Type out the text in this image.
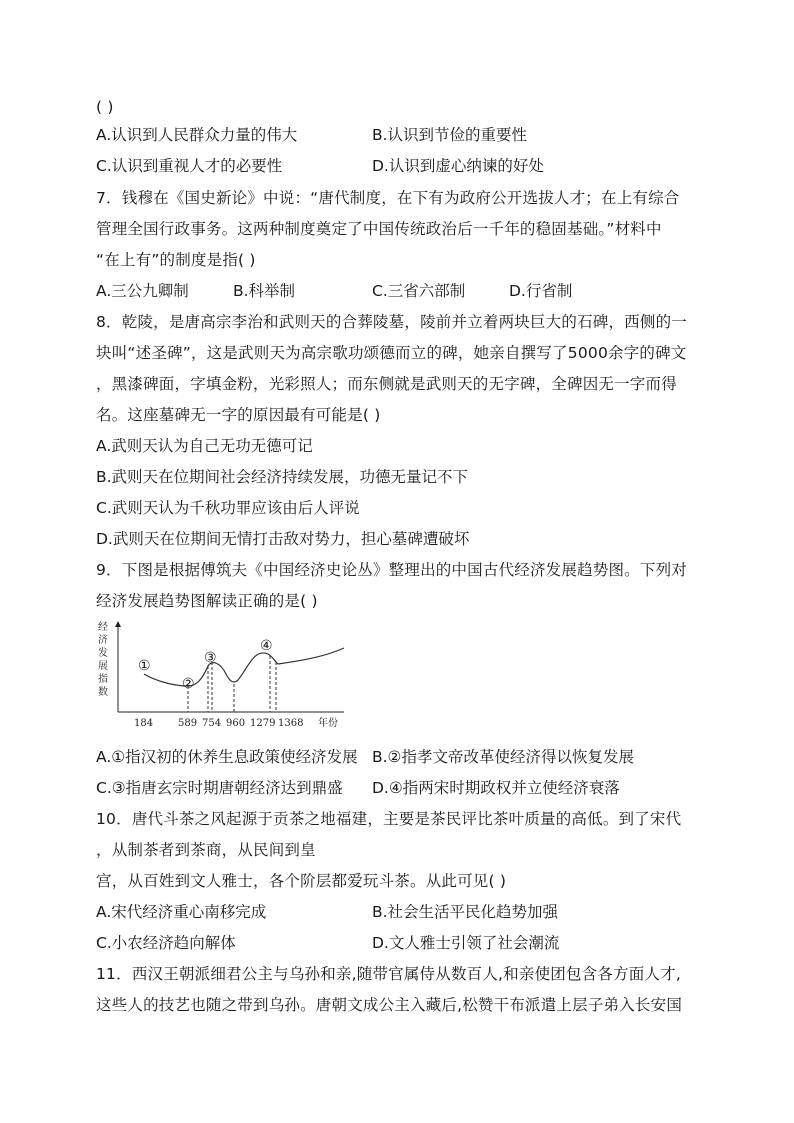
( )
A.认识到人民群众力量的伟大	B.认识到节俭的重要性
C.认识到重视人才的必要性	D.认识到虚心纳谏的好处
7．钱穆在《国史新论》中说：“唐代制度，在下有为政府公开选拔人才；在上有综合
管理全国行政事务。这两种制度奠定了中国传统政治后一千年的稳固基础。”材料中
“在上有”的制度是指( )
A.三公九卿制	B.科举制	C.三省六部制	D.行省制
8．乾陵，是唐高宗李治和武则天的合葬陵墓，陵前并立着两块巨大的石碑，西侧的一
块叫“述圣碑”，这是武则天为高宗歌功颂德而立的碑，她亲自撰写了5000余字的碑文
，黑漆碑面，字填金粉，光彩照人；而东侧就是武则天的无字碑，全碑因无一字而得
名。这座墓碑无一字的原因最有可能是( )
A.武则天认为自己无功无德可记
B.武则天在位期间社会经济持续发展，功德无量记不下
C.武则天认为千秋功罪应该由后人评说
D.武则天在位期间无情打击敌对势力，担心墓碑遭破坏
9．下图是根据傅筑夫《中国经济史论丛》整理出的中国古代经济发展趋势图。下列对
经济发展趋势图解读正确的是( )
经济发展指数
①
②
③
④
184 589 754 960 1279 1368 年份
A.①指汉初的休养生息政策使经济发展 B.②指孝文帝改革使经济得以恢复发展
C.③指唐玄宗时期唐朝经济达到鼎盛 D.④指两宋时期政权并立使经济衰落
10．唐代斗茶之风起源于贡茶之地福建，主要是茶民评比茶叶质量的高低。到了宋代
，从制茶者到茶商，从民间到皇
宫，从百姓到文人雅士，各个阶层都爱玩斗茶。从此可见( )
A.宋代经济重心南移完成	B.社会生活平民化趋势加强
C.小农经济趋向解体	D.文人雅士引领了社会潮流
11．西汉王朝派细君公主与乌孙和亲,随带官属侍从数百人,和亲使团包含各方面人才,
这些人的技艺也随之带到乌孙。唐朝文成公主入藏后,松赞干布派遣上层子弟入长安国
